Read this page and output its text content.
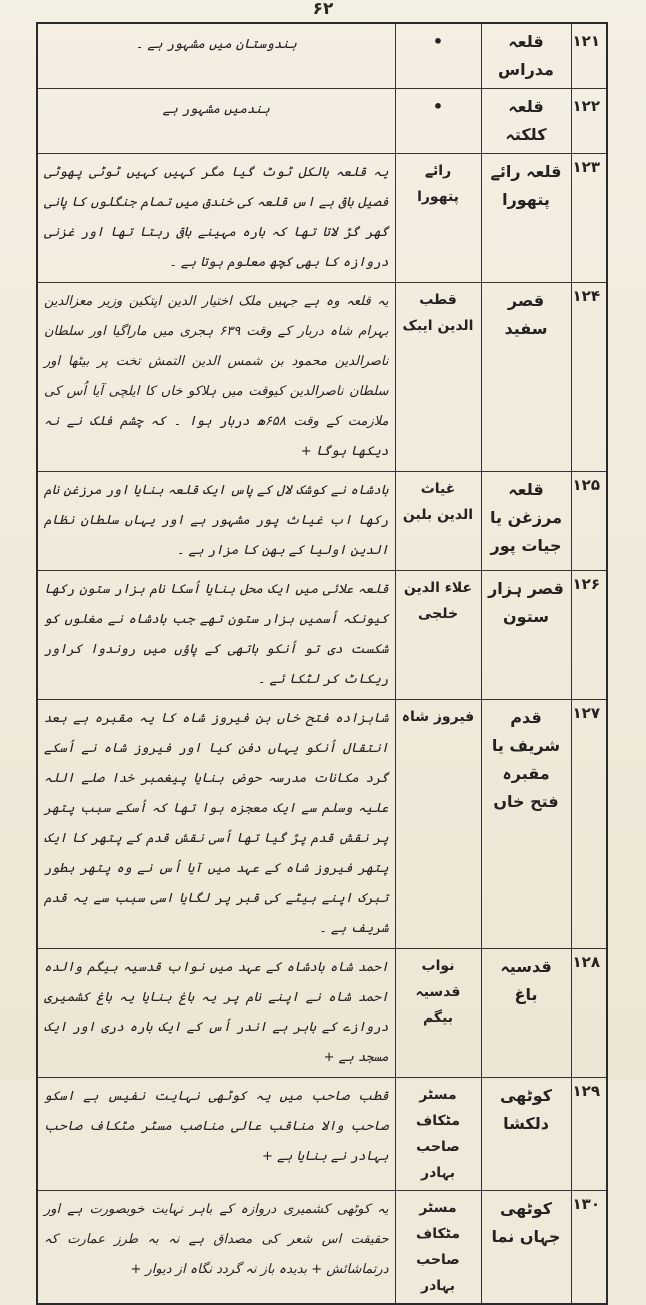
۶۲
۱۲۱	قلعہ مدراس	•	ہندوستان میں مشہور ہے ۔
۱۲۲	قلعہ کلکتہ	•	ہندمیں مشہور ہے
۱۲۳	قلعہ رائے پتھورا	رائے پتھورا	یہ قلعہ بالکل ٹوٹ گیا مگر کہیں کہیں ٹوٹی پھوٹی فصیل باقی ہے اس قلعہ کی خندق میں تمام جنگلوں کا پانی گھر گڑ لاتا تھا کہ بارہ مہینے باقی رہتا تھا اور غزنی دروازہ کا بھی کچھ معلوم ہوتا ہے ۔
۱۲۴	قصر سفید	قطب الدین ایبک	یہ قلعہ وہ ہے جہیں ملک اختیار الدین اپتکین وزیر معزالدین بہرام شاہ دربار کے وقت ۶۳۹ ہجری میں ماراگیا اور سلطان ناصرالدین محمود بن شمس الدین التمش تخت پر بیٹھا اور سلطان ناصرالدین کیوقت میں ہلاکو خاں کا ایلچی آیا اُس کی ملازمت کے وقت ۶۵۸ھ دربار ہوا ۔ کہ چشم فلک نے نہ دیکھا ہوگا +
۱۲۵	قلعہ مرزغن یا جیات پور	غیاث الدین بلبن	بادشاہ نے کوشک لال کے پاس ایک قلعہ بنایا اور مرزغن نام رکھا اب غیاث پور مشہور ہے اور یہاں سلطان نظام الدین اولیا کے بھن کا مزار ہے ۔
۱۲۶	قصر ہزار ستون	علاء الدین خلجی	قلعہ علائی میں ایک محل بنایا اُسکا نام ہزار ستون رکھا کیونکہ اُسمیں ہزار ستون تھے جب بادشاہ نے مغلوں کو شکست دی تو اُنکو ہاتھی کے پاؤں میں روندوا کراور ریکاٹ کر لٹکا ئے ۔
۱۲۷	قدم شریف یا مقبرہ فتح خاں	فیروز شاہ	شاہزادہ فتح خاں بن فیروز شاہ کا یہ مقبرہ ہے بعد انتقال اُنکو یہاں دفن کیا اور فیروز شاہ نے اُسکے گرد مکانات مدرسہ حوض بنایا پیغمبر خدا صلے اللہ علیہ وسلم سے ایک معجزہ ہوا تھا کہ اُسکے سبب پتھر پر نقش قدم پڑ گیا تھا اُسی نقش قدم کے پتھر کا ایک پتھر فیروز شاہ کے عہد میں آیا اُس نے وہ پتھر بطور تبرک اپنے بیٹے کی قبر پر لگایا اسی سبب سے یہ قدم شریف ہے ۔
۱۲۸	قدسیہ باغ	نواب قدسیہ بیگم	احمد شاہ بادشاہ کے عہد میں نواب قدسیہ بیگم والدہ احمد شاہ نے اپنے نام پر یہ باغ بنایا یہ باغ کشمیری دروازے کے باہر ہے اندر اُس کے ایک بارہ دری اور ایک مسجد ہے +
۱۲۹	کوٹھی دلکشا	مسٹر مٹکاف صاحب بہادر	قطب صاحب میں یہ کوٹھی نہایت نفیس ہے اسکو صاحب والا مناقب عالی مناصب مسٹر مٹکاف صاحب بہادر نے بنایا ہے +
۱۳۰	کوٹھی جہاں نما	مسٹر مٹکاف صاحب بہادر	یہ کوٹھی کشمیری دروازہ کے باہر نہایت خوبصورت ہے اور حقیقت اس شعر کی مصداق ہے نہ بہ طرز عمارت کہ درتماشائش + بدیدہ باز نہ گردد نگاہ از دیوار +
